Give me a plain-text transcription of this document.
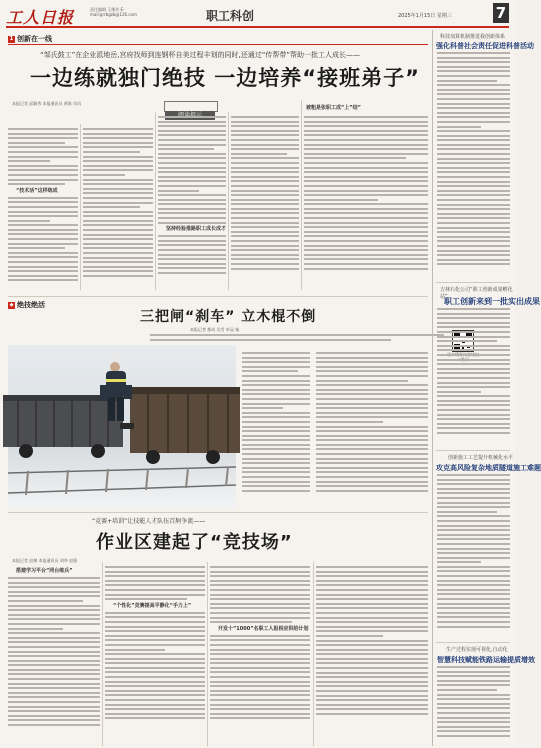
工人日报	责任编辑 王维芳 E-mail:grrbgzb@126.com	职工科创	2025年1月15日 星期三	7
1 创新在一线
“邹氏鼓工”在企业派地岳,宫府找师到连钢杯自美过程丰划的同时,还通过“传帮带”帮助一批工人成长——
一边练就独门绝技 一边培养“接班弟子”
本报记者 邱颖秀 本报通讯员 黄陈 凤凤
“技术活”这样练成
坚持经验推路职工成长成才
被粗是张职工成“上”结”
◆ 绝技绝活
三把闸“刹车” 立木棍不倒
本报记者 都成 吴雪 单冠 秦
“竞赛+培训”让技能人才队伍百舸争流——
作业区建起了“竞技场”
本报记者 赵黎 本报通讯员 胡华 赵强
搭建学习平台“同台练兵”
“个性化”竞赛提高平静化“手力上”
开发十”1000”名职工人报相应供给计划
科技加算机制推进我创新体系
强化科普社会责任促进科普活动
吉林石化公司“职工创新成果孵化站”
职工创新来到一批实出成果
创新施工工艺提升机械化水平
攻克高风险复杂地质隧道施工难题
生产过程实现可视化,自动化
智慧科技赋能铁路运输提质增效
